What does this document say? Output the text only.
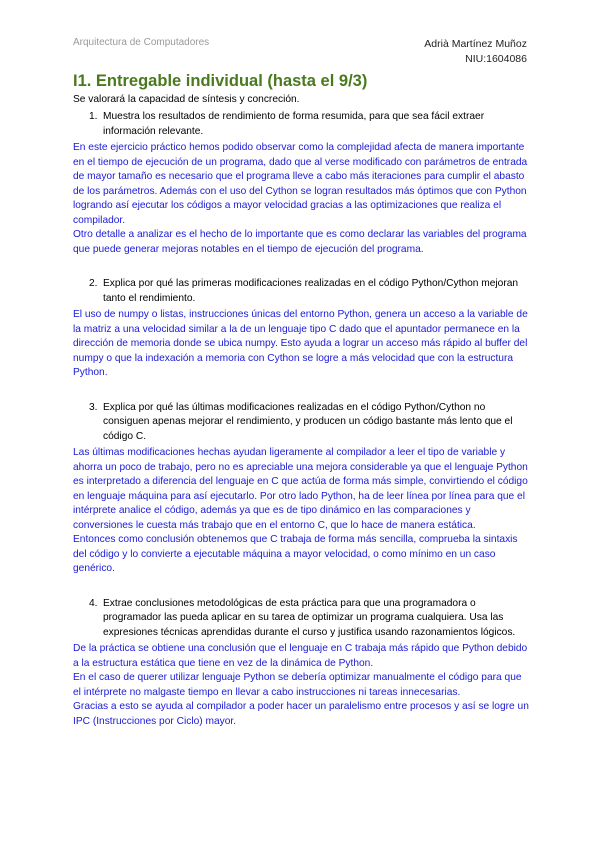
Arquitectura de Computadores	Adrià Martínez Muñoz
NIU:1604086
I1. Entregable individual (hasta el 9/3)
Se valorará la capacidad de síntesis y concreción.
1. Muestra los resultados de rendimiento de forma resumida, para que sea fácil extraer información relevante.

En este ejercicio práctico hemos podido observar como la complejidad afecta de manera importante en el tiempo de ejecución de un programa, dado que al verse modificado con parámetros de entrada de mayor tamaño es necesario que el programa lleve a cabo más iteraciones para cumplir el abasto de los parámetros. Además con el uso del Cython se logran resultados más óptimos que con Python logrando así ejecutar los códigos a mayor velocidad gracias a las optimizaciones que realiza el compilador.

Otro detalle a analizar es el hecho de lo importante que es como declarar las variables del programa que puede generar mejoras notables en el tiempo de ejecución del programa.

2. Explica por qué las primeras modificaciones realizadas en el código Python/Cython mejoran tanto el rendimiento.

El uso de numpy o listas, instrucciones únicas del entorno Python, genera un acceso a la variable de la matriz a una velocidad similar a la de un lenguaje tipo C dado que el apuntador permanece en la dirección de memoria donde se ubica numpy. Esto ayuda a lograr un acceso más rápido al buffer del numpy o que la indexación a memoria con Cython se logre a más velocidad que con la estructura Python.

3. Explica por qué las últimas modificaciones realizadas en el código Python/Cython no consiguen apenas mejorar el rendimiento, y producen un código bastante más lento que el código C.

Las últimas modificaciones hechas ayudan ligeramente al compilador a leer el tipo de variable y ahorra un poco de trabajo, pero no es apreciable una mejora considerable ya que el lenguaje Python es interpretado a diferencia del lenguaje en C que actúa de forma más simple, convirtiendo el código en lenguaje máquina para así ejecutarlo. Por otro lado Python, ha de leer línea por línea para que el intérprete analice el código, además ya que es de tipo dinámico en las comparaciones y conversiones le cuesta más trabajo que en el entorno C, que lo hace de manera estática.

Entonces como conclusión obtenemos que C trabaja de forma más sencilla, comprueba la sintaxis del código y lo convierte a ejecutable máquina a mayor velocidad, o como mínimo en un caso genérico.

4. Extrae conclusiones metodológicas de esta práctica para que una programadora o programador las pueda aplicar en su tarea de optimizar un programa cualquiera. Usa las expresiones técnicas aprendidas durante el curso y justifica usando razonamientos lógicos.

De la práctica se obtiene una conclusión que el lenguaje en C trabaja más rápido que Python debido a la estructura estática que tiene en vez de la dinámica de Python.

En el caso de querer utilizar lenguaje Python se debería optimizar manualmente el código para que el intérprete no malgaste tiempo en llevar a cabo instrucciones ni tareas innecesarias.

Gracias a esto se ayuda al compilador a poder hacer un paralelismo entre procesos y así se logre un IPC (Instrucciones por Ciclo) mayor.
